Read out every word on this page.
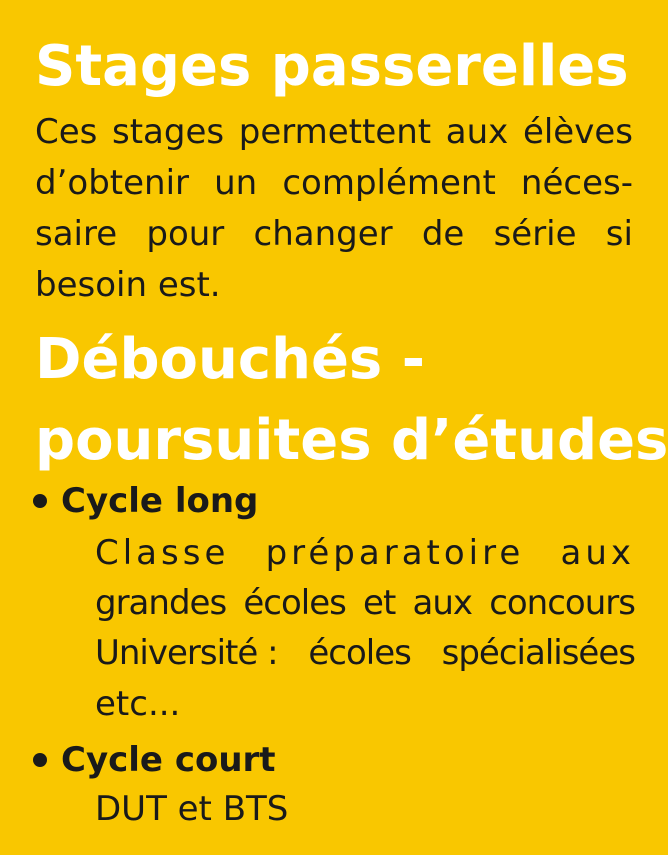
Stages passerelles
Ces stages permettent aux élèves
d’obtenir un complément néces-
saire pour changer de série si
besoin est.
Débouchés -
poursuites d’études
Cycle long
Classe préparatoire aux
grandes écoles et aux concours
Université : écoles spécialisées
etc...
Cycle court
DUT et BTS
